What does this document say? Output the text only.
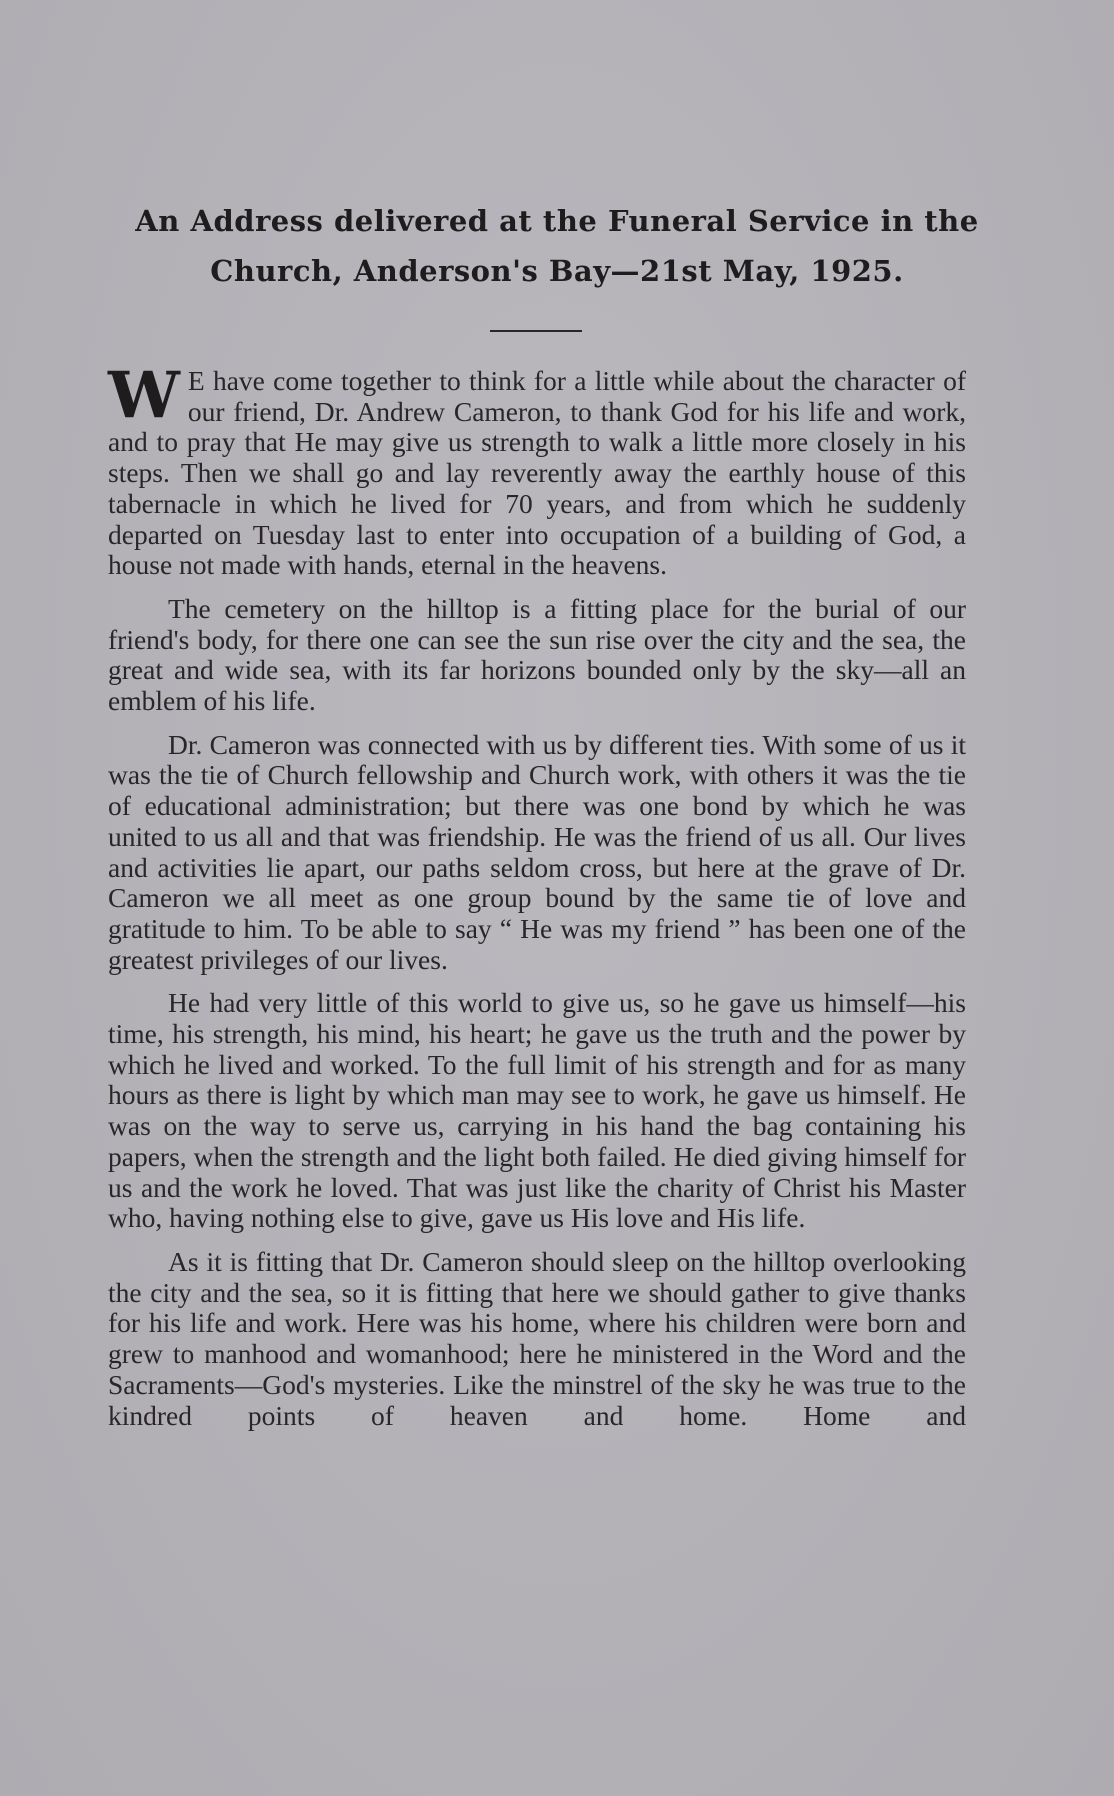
An Address delivered at the Funeral Service in the
Church, Anderson's Bay—21st May, 1925.

W E have come together to think for a little while about the character of our friend, Dr. Andrew Cameron, to thank God for his life and work, and to pray that He may give us strength to walk a little more closely in his steps. Then we shall go and lay reverently away the earthly house of this tabernacle in which he lived for 70 years, and from which he suddenly departed on Tuesday last to enter into occupation of a building of God, a house not made with hands, eternal in the heavens.

The cemetery on the hilltop is a fitting place for the burial of our friend's body, for there one can see the sun rise over the city and the sea, the great and wide sea, with its far horizons bounded only by the sky—all an emblem of his life.

Dr. Cameron was connected with us by different ties. With some of us it was the tie of Church fellowship and Church work, with others it was the tie of educational administration; but there was one bond by which he was united to us all and that was friendship. He was the friend of us all. Our lives and activities lie apart, our paths seldom cross, but here at the grave of Dr. Cameron we all meet as one group bound by the same tie of love and gratitude to him. To be able to say “ He was my friend ” has been one of the greatest privileges of our lives.

He had very little of this world to give us, so he gave us himself—his time, his strength, his mind, his heart; he gave us the truth and the power by which he lived and worked. To the full limit of his strength and for as many hours as there is light by which man may see to work, he gave us himself. He was on the way to serve us, carrying in his hand the bag containing his papers, when the strength and the light both failed. He died giving himself for us and the work he loved. That was just like the charity of Christ his Master who, having nothing else to give, gave us His love and His life.

As it is fitting that Dr. Cameron should sleep on the hilltop overlooking the city and the sea, so it is fitting that here we should gather to give thanks for his life and work. Here was his home, where his children were born and grew to manhood and womanhood; here he ministered in the Word and the Sacraments—God's mysteries. Like the minstrel of the sky he was true to the kindred points of heaven and home. Home and
